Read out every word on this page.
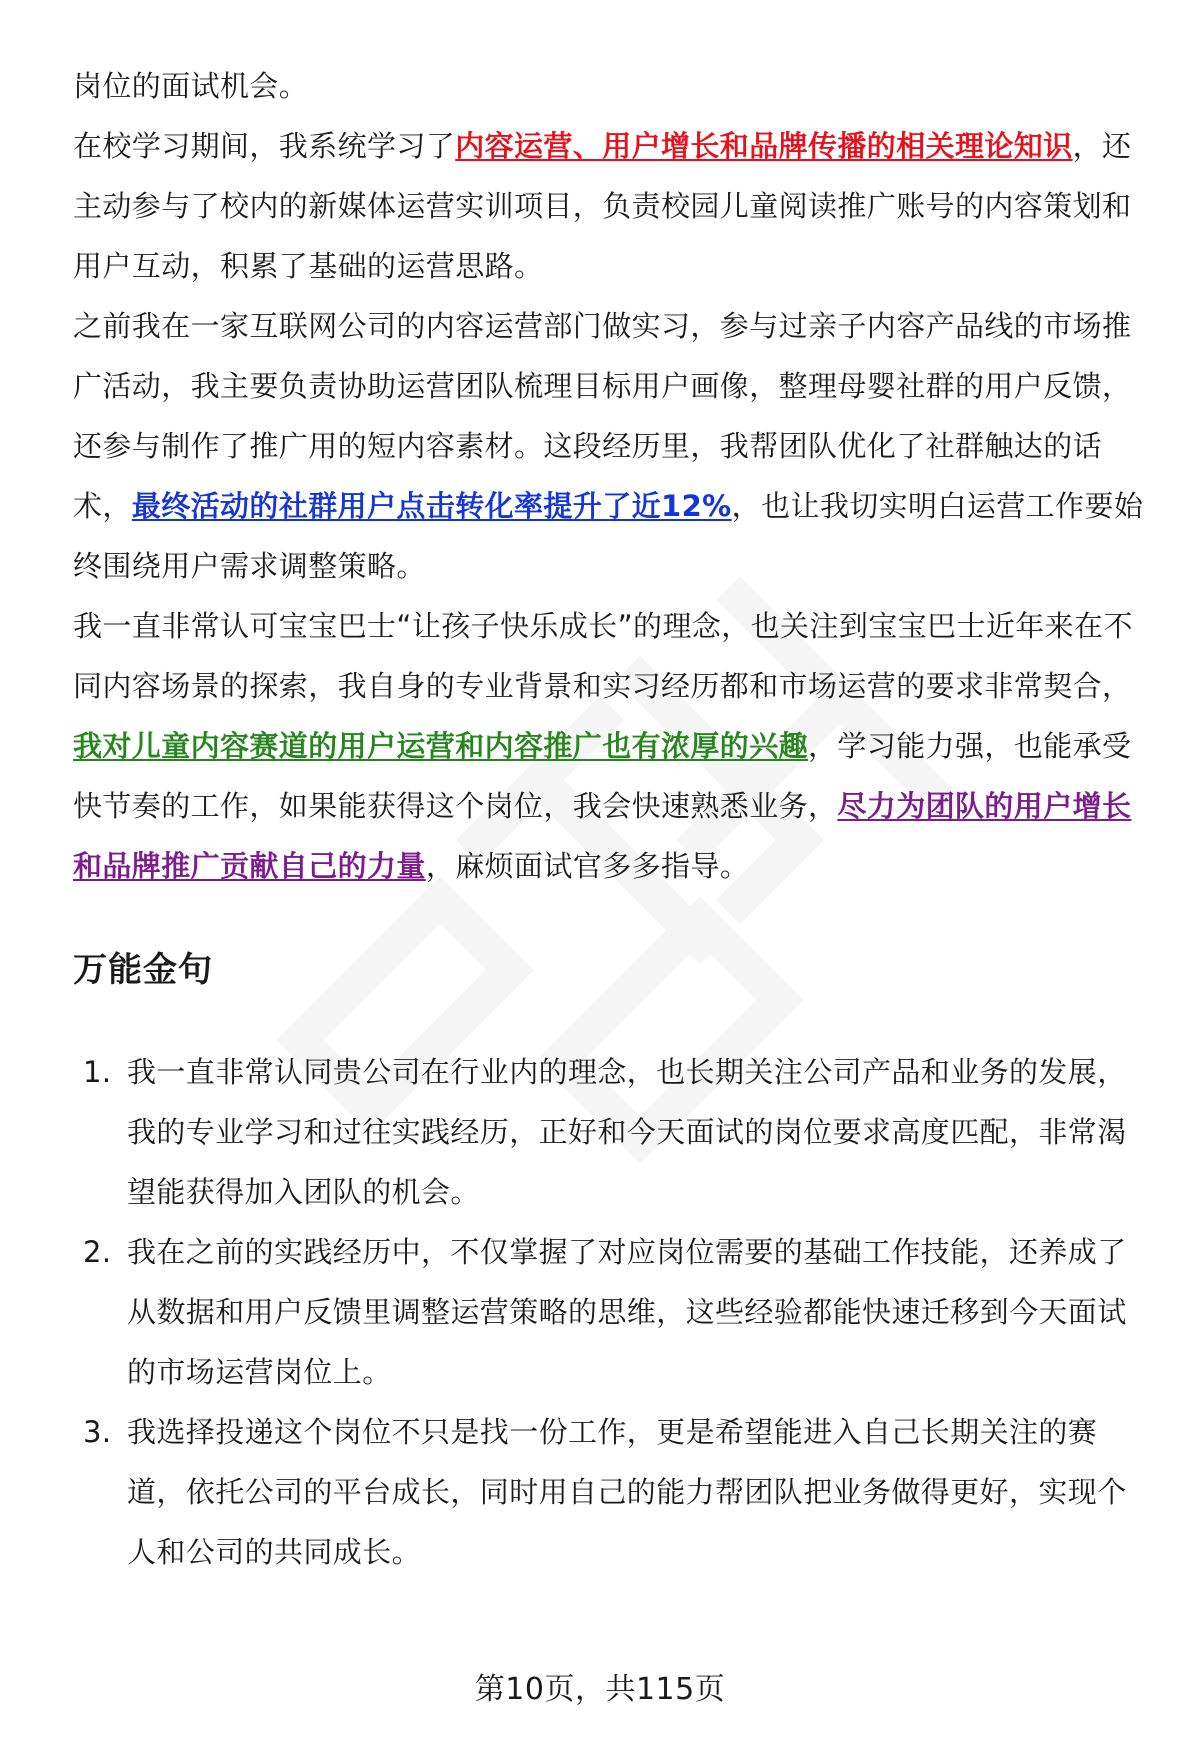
岗位的面试机会。

在校学习期间，我系统学习了内容运营、用户增长和品牌传播的相关理论知识，还主动参与了校内的新媒体运营实训项目，负责校园儿童阅读推广账号的内容策划和用户互动，积累了基础的运营思路。

之前我在一家互联网公司的内容运营部门做实习，参与过亲子内容产品线的市场推广活动，我主要负责协助运营团队梳理目标用户画像，整理母婴社群的用户反馈，还参与制作了推广用的短内容素材。这段经历里，我帮团队优化了社群触达的话术，最终活动的社群用户点击转化率提升了近12%，也让我切实明白运营工作要始终围绕用户需求调整策略。

我一直非常认可宝宝巴士“让孩子快乐成长”的理念，也关注到宝宝巴士近年来在不同内容场景的探索，我自身的专业背景和实习经历都和市场运营的要求非常契合，我对儿童内容赛道的用户运营和内容推广也有浓厚的兴趣，学习能力强，也能承受快节奏的工作，如果能获得这个岗位，我会快速熟悉业务，尽力为团队的用户增长和品牌推广贡献自己的力量，麻烦面试官多多指导。

万能金句
1. 我一直非常认同贵公司在行业内的理念，也长期关注公司产品和业务的发展，我的专业学习和过往实践经历，正好和今天面试的岗位要求高度匹配，非常渴望能获得加入团队的机会。
2. 我在之前的实践经历中，不仅掌握了对应岗位需要的基础工作技能，还养成了从数据和用户反馈里调整运营策略的思维，这些经验都能快速迁移到今天面试的市场运营岗位上。
3. 我选择投递这个岗位不只是找一份工作，更是希望能进入自己长期关注的赛道，依托公司的平台成长，同时用自己的能力帮团队把业务做得更好，实现个人和公司的共同成长。
第10页，共115页
